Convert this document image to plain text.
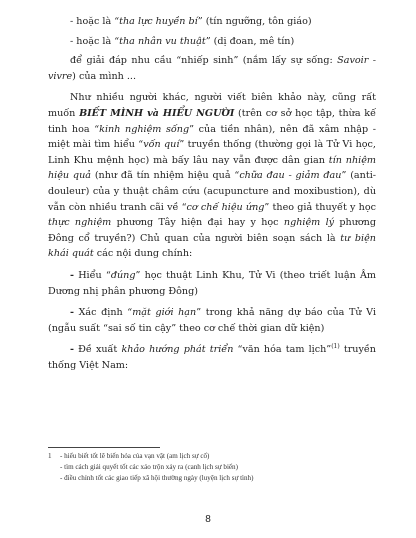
- hoặc là “tha lực huyền bí” (tín ngưỡng, tôn giáo)

- hoặc là “tha nhân vu thuật” (dị đoan, mê tín)

để giải đáp nhu cầu “nhiếp sinh” (nắm lấy sự sống: Savoir - vivre) của mình ...

Như nhiều người khác, người viết biên khảo này, cũng rất muốn BIẾT MÌNH và HIỂU NGƯỜI (trên cơ sở học tập, thừa kế tinh hoa “kinh nghiệm sống” của tiền nhân), nên đã xâm nhập - miệt mài tìm hiểu “vốn quí” truyền thống (thường gọi là Tử Vi học, Linh Khu mệnh học) mà bấy lâu nay vẫn được dân gian tín nhiệm hiệu quả (như đã tín nhiệm hiệu quả “chữa đau - giảm đau” (anti-douleur) của y thuật châm cứu (acupuncture and moxibustion), dù vẫn còn nhiều tranh cãi về “cơ chế hiệu ứng” theo giả thuyết y học thực nghiệm phương Tây hiện đại hay y học nghiệm lý phương Đông cổ truyền?) Chủ quan của người biên soạn sách là tư biện khái quát các nội dung chính:

- Hiểu “đúng” học thuật Linh Khu, Tử Vi (theo triết luận Âm Dương nhị phân phương Đông)

- Xác định “mặt giới hạn” trong khả năng dự báo của Tử Vi (ngẫu suất “sai số tin cậy” theo cơ chế thời gian dữ kiện)

- Đề xuất khảo hướng phát triển “văn hóa tam lịch”$^{(1)}$ truyền thống Việt Nam:

1	- hiểu biết tốt lẽ biến hóa của vạn vật (am lịch sự cố)
- tìm cách giải quyết tốt các xáo trộn xảy ra (canh lịch sự biến)
- điều chỉnh tốt các giao tiếp xã hội thường ngày (luyện lịch sự tình)
8
